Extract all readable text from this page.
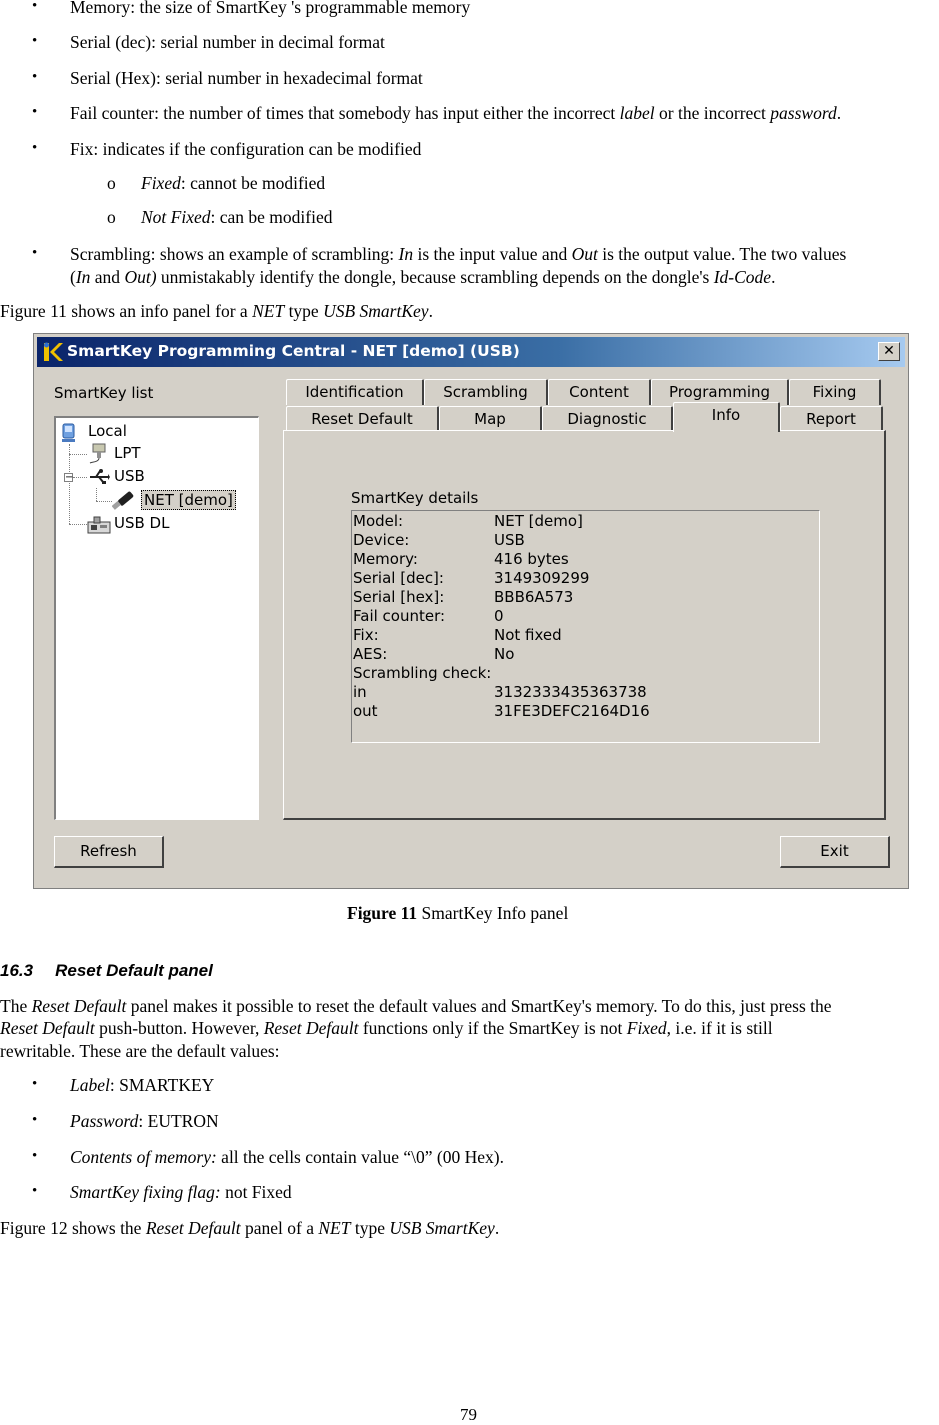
• Memory: the size of SmartKey 's programmable memory
• Serial (dec): serial number in decimal format
• Serial (Hex): serial number in hexadecimal format
• Fail counter: the number of times that somebody has input either the incorrect label or the incorrect password.
• Fix: indicates if the configuration can be modified
o Fixed: cannot be modified
o Not Fixed: can be modified
• Scrambling: shows an example of scrambling: In is the input value and Out is the output value. The two values
(In and Out) unmistakably identify the dongle, because scrambling depends on the dongle's Id-Code.
Figure 11 shows an info panel for a NET type USB SmartKey.
SmartKey Programming Central - NET [demo] (USB)	✕
SmartKey list
Local
LPT
−	USB
NET [demo]
USB DL
Identification	Scrambling	Content	Programming	Fixing
Reset Default	Map	Diagnostic	Info	Report
SmartKey details
Model:	NET [demo]
Device:	USB
Memory:	416 bytes
Serial [dec]:	3149309299
Serial [hex]:	BBB6A573
Fail counter:	0
Fix:	Not fixed
AES:	No
Scrambling check:
in	3132333435363738
out	31FE3DEFC2164D16
Refresh	Exit
Figure 11 SmartKey Info panel
16.3 Reset Default panel
The Reset Default panel makes it possible to reset the default values and SmartKey's memory. To do this, just press the
Reset Default push-button. However, Reset Default functions only if the SmartKey is not Fixed, i.e. if it is still
rewritable. These are the default values:
• Label: SMARTKEY
• Password: EUTRON
• Contents of memory: all the cells contain value “\0” (00 Hex).
• SmartKey fixing flag: not Fixed
Figure 12 shows the Reset Default panel of a NET type USB SmartKey.
79
